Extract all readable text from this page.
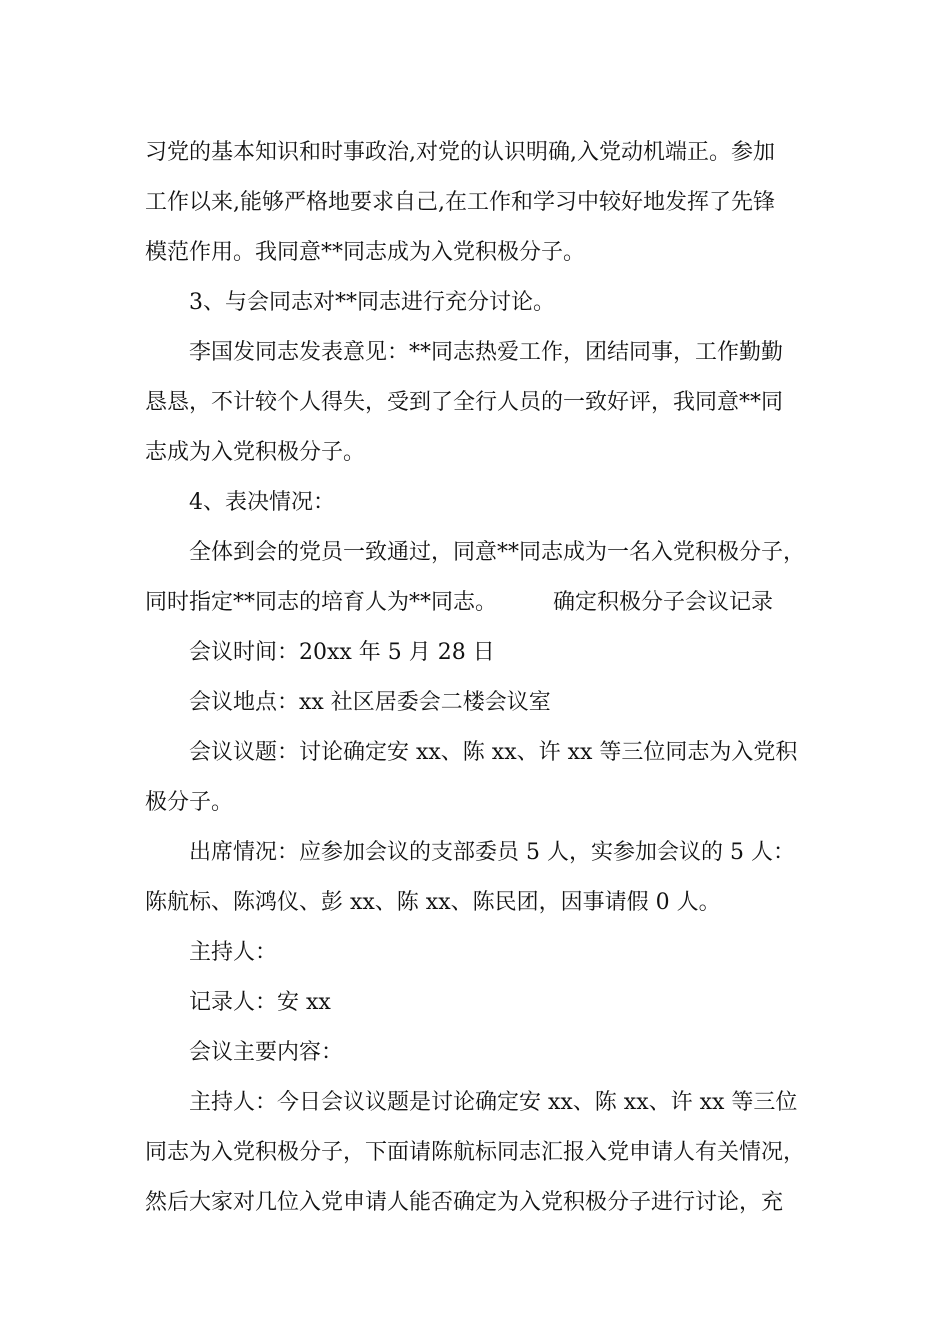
习党的基本知识和时事政治,对党的认识明确,入党动机端正。参加
工作以来,能够严格地要求自己,在工作和学习中较好地发挥了先锋
模范作用。我同意**同志成为入党积极分子。
3、与会同志对**同志进行充分讨论。
李国发同志发表意见：**同志热爱工作，团结同事，工作勤勤
恳恳，不计较个人得失，受到了全行人员的一致好评，我同意**同
志成为入党积极分子。
4、表决情况：
全体到会的党员一致通过，同意**同志成为一名入党积极分子，
同时指定**同志的培育人为**同志。        确定积极分子会议记录
会议时间：20xx 年 5 月 28 日
会议地点：xx 社区居委会二楼会议室
会议议题：讨论确定安 xx、陈 xx、许 xx 等三位同志为入党积
极分子。
出席情况：应参加会议的支部委员 5 人，实参加会议的 5 人：
陈航标、陈鸿仪、彭 xx、陈 xx、陈民团，因事请假 0 人。
主持人：
记录人：安 xx
会议主要内容：
主持人：今日会议议题是讨论确定安 xx、陈 xx、许 xx 等三位
同志为入党积极分子，下面请陈航标同志汇报入党申请人有关情况，
然后大家对几位入党申请人能否确定为入党积极分子进行讨论，充
